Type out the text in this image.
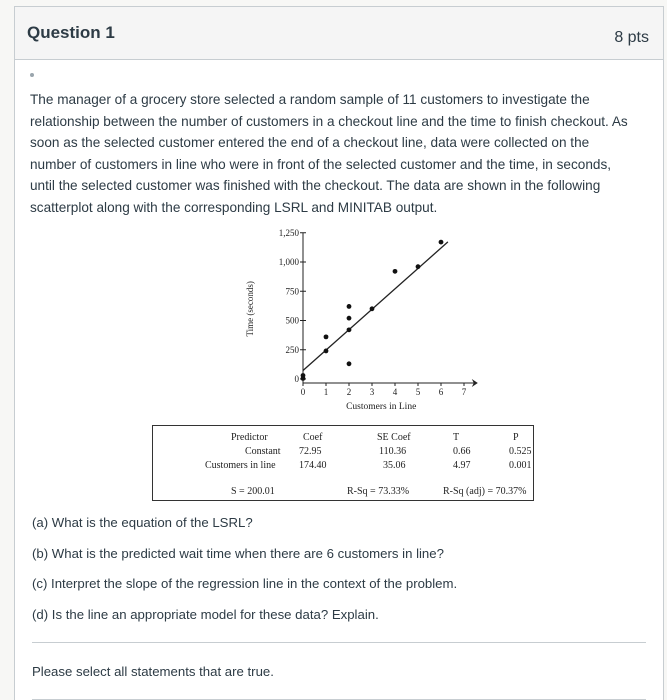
Question 1	8 pts
The manager of a grocery store selected a random sample of 11 customers to investigate the relationship between the number of customers in a checkout line and the time to finish checkout. As soon as the selected customer entered the end of a checkout line, data were collected on the number of customers in line who were in front of the selected customer and the time, in seconds, until the selected customer was finished with the checkout. The data are shown in the following scatterplot along with the corresponding LSRL and MINITAB output.
0
250
500
750
1,000
1,250
0 1 2 3 4 5 6 7
Customers in Line
Time (seconds)
Predictor	Coef	SE Coef	T	P
Constant 72.95	110.36	0.66	0.525
Customers in line 174.40	35.06	4.97	0.001
S = 200.01	R-Sq = 73.33%	R-Sq (adj) = 70.37%
(a) What is the equation of the LSRL?
(b) What is the predicted wait time when there are 6 customers in line?
(c) Interpret the slope of the regression line in the context of the problem.
(d) Is the line an appropriate model for these data? Explain.
Please select all statements that are true.
